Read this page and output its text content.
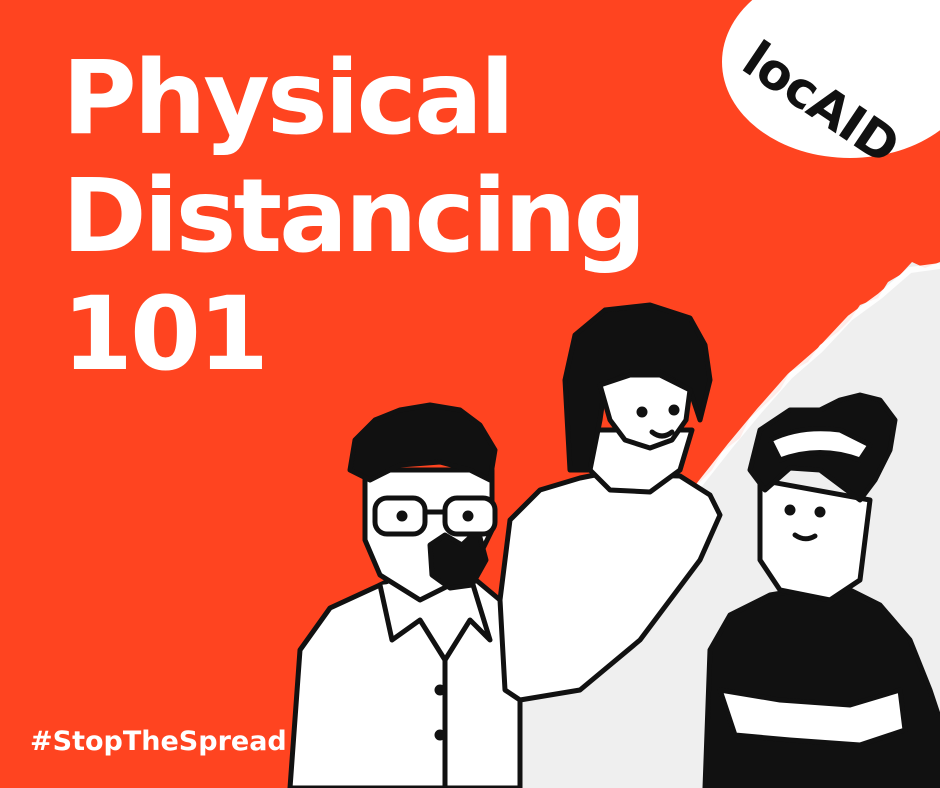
locAID
Physical
Distancing
101
#StopTheSpread
